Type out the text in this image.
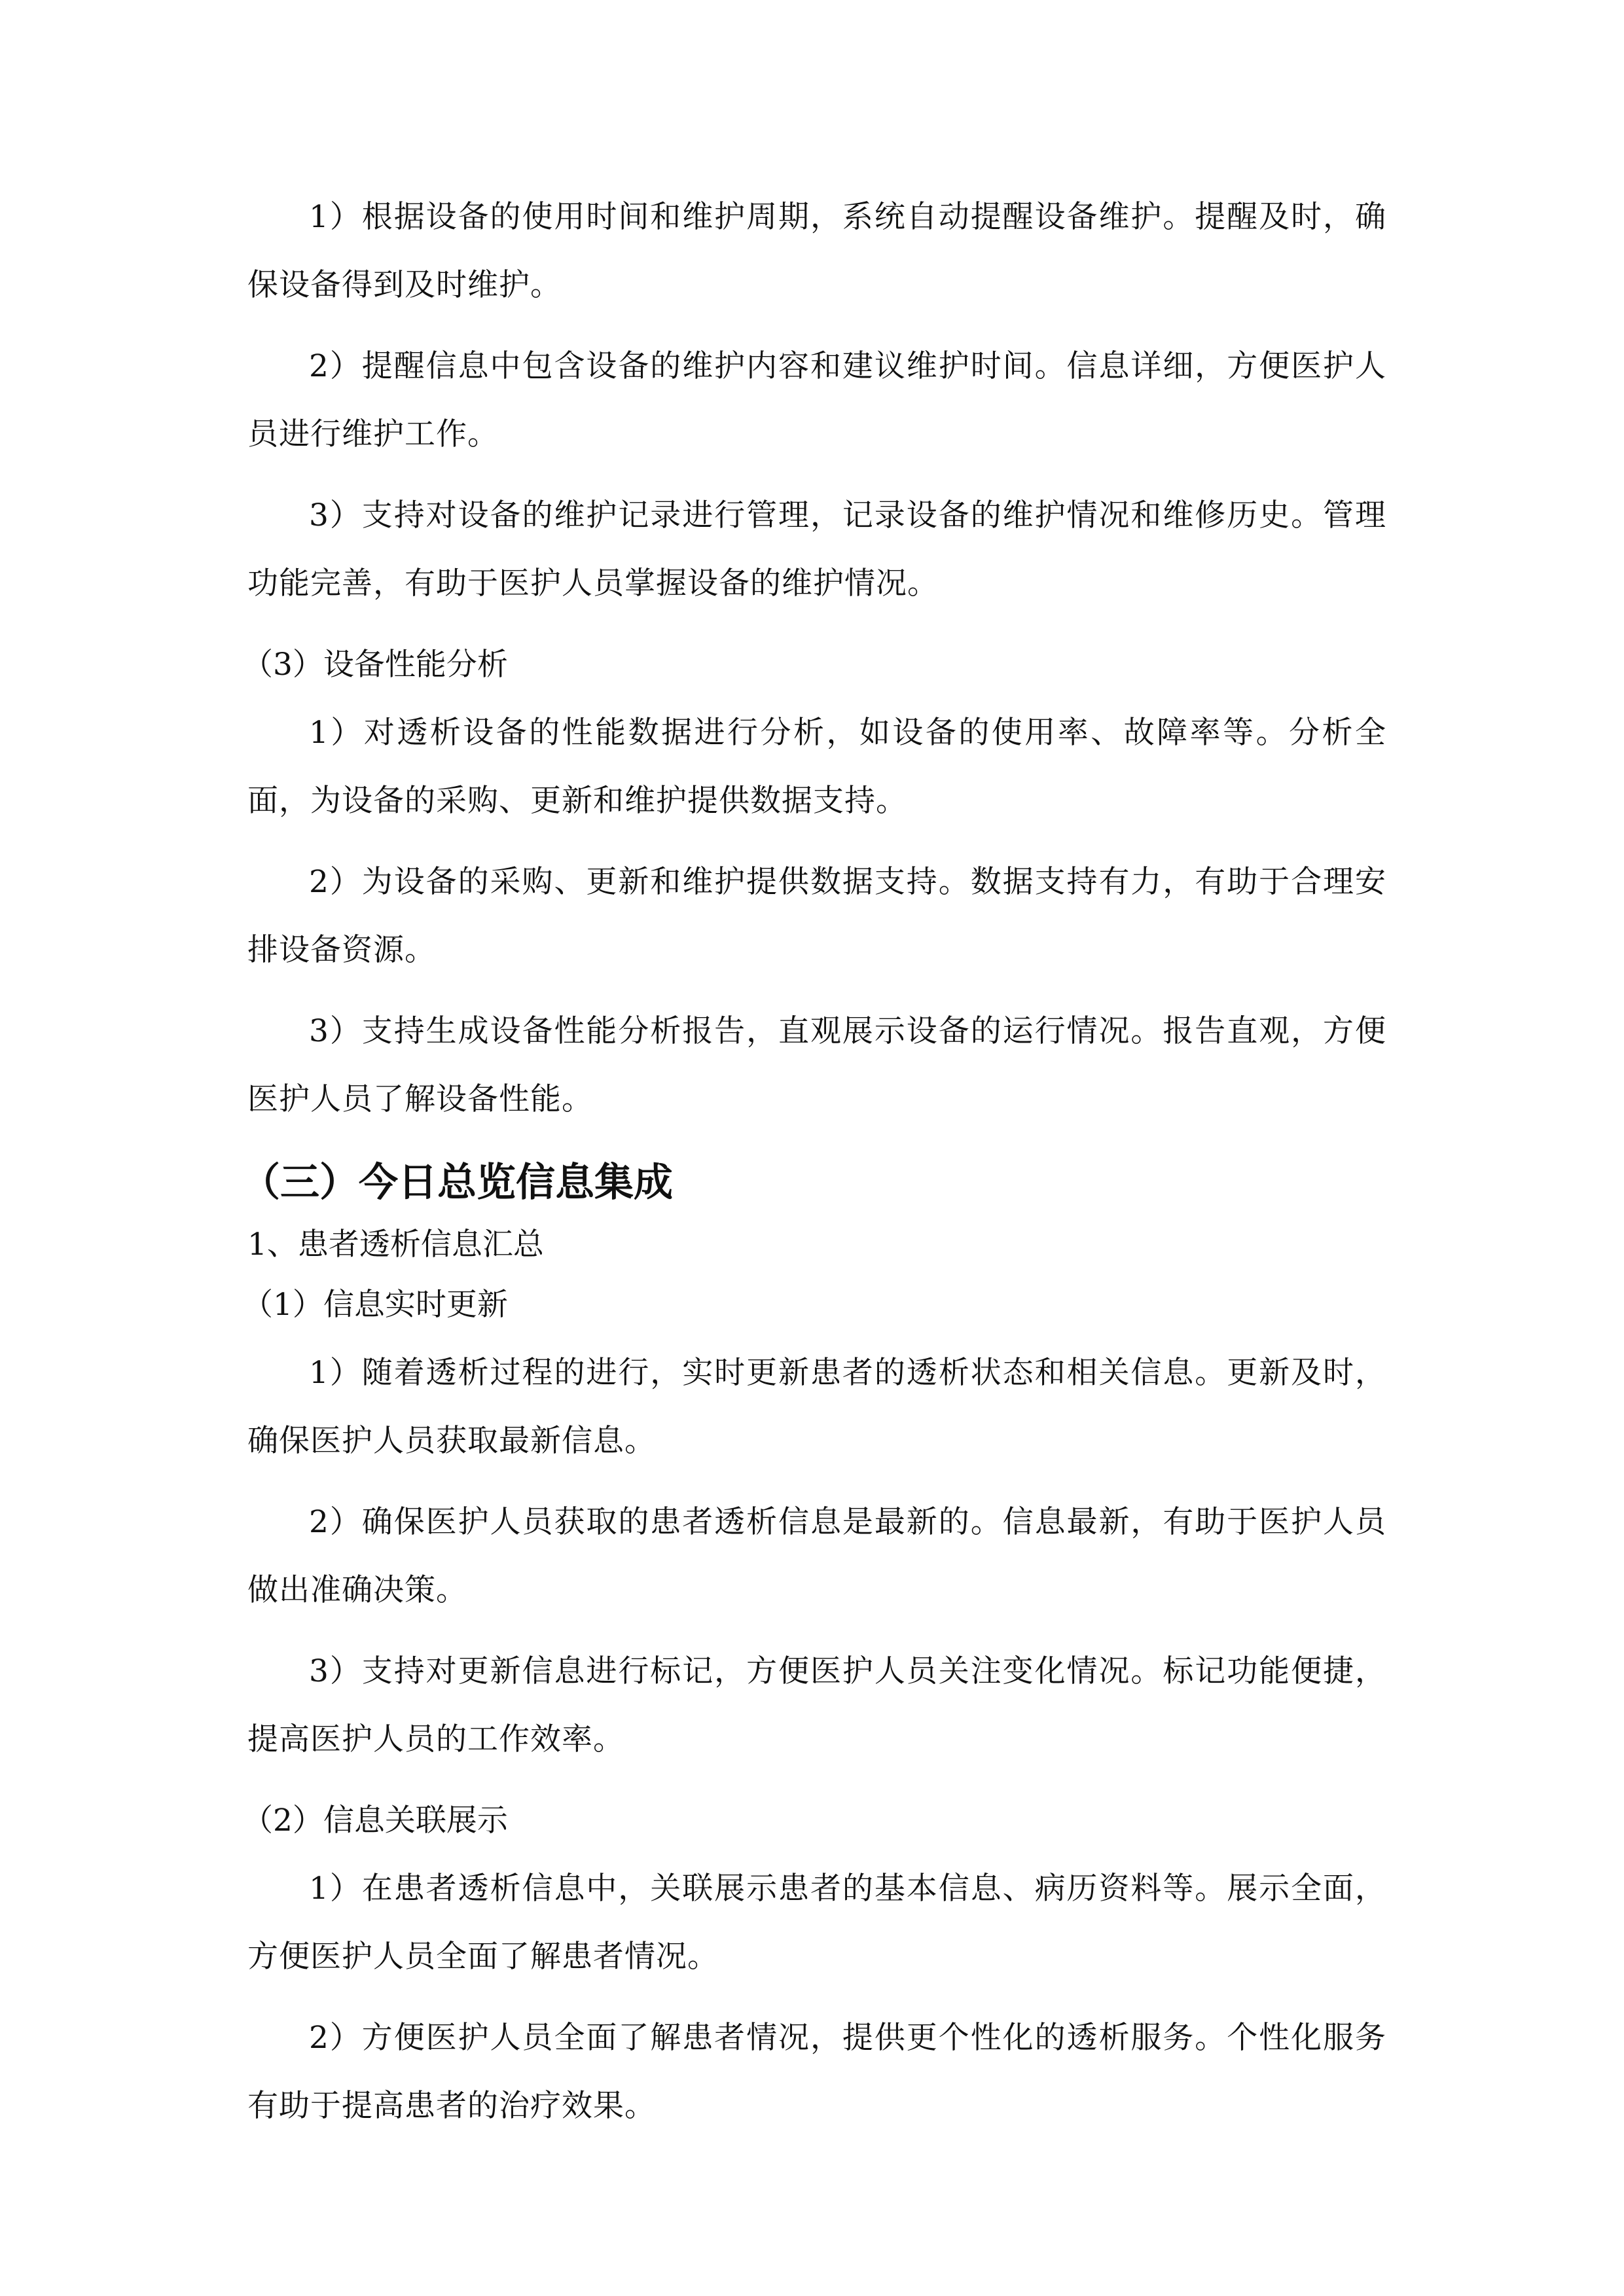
1）根据设备的使用时间和维护周期，系统自动提醒设备维护。提醒及时，确保设备得到及时维护。

2）提醒信息中包含设备的维护内容和建议维护时间。信息详细，方便医护人员进行维护工作。

3）支持对设备的维护记录进行管理，记录设备的维护情况和维修历史。管理功能完善，有助于医护人员掌握设备的维护情况。

（3）设备性能分析

1）对透析设备的性能数据进行分析，如设备的使用率、故障率等。分析全面，为设备的采购、更新和维护提供数据支持。

2）为设备的采购、更新和维护提供数据支持。数据支持有力，有助于合理安排设备资源。

3）支持生成设备性能分析报告，直观展示设备的运行情况。报告直观，方便医护人员了解设备性能。

（三）今日总览信息集成

1、患者透析信息汇总

（1）信息实时更新

1）随着透析过程的进行，实时更新患者的透析状态和相关信息。更新及时，确保医护人员获取最新信息。

2）确保医护人员获取的患者透析信息是最新的。信息最新，有助于医护人员做出准确决策。

3）支持对更新信息进行标记，方便医护人员关注变化情况。标记功能便捷，提高医护人员的工作效率。

（2）信息关联展示

1）在患者透析信息中，关联展示患者的基本信息、病历资料等。展示全面，方便医护人员全面了解患者情况。

2）方便医护人员全面了解患者情况，提供更个性化的透析服务。个性化服务有助于提高患者的治疗效果。
